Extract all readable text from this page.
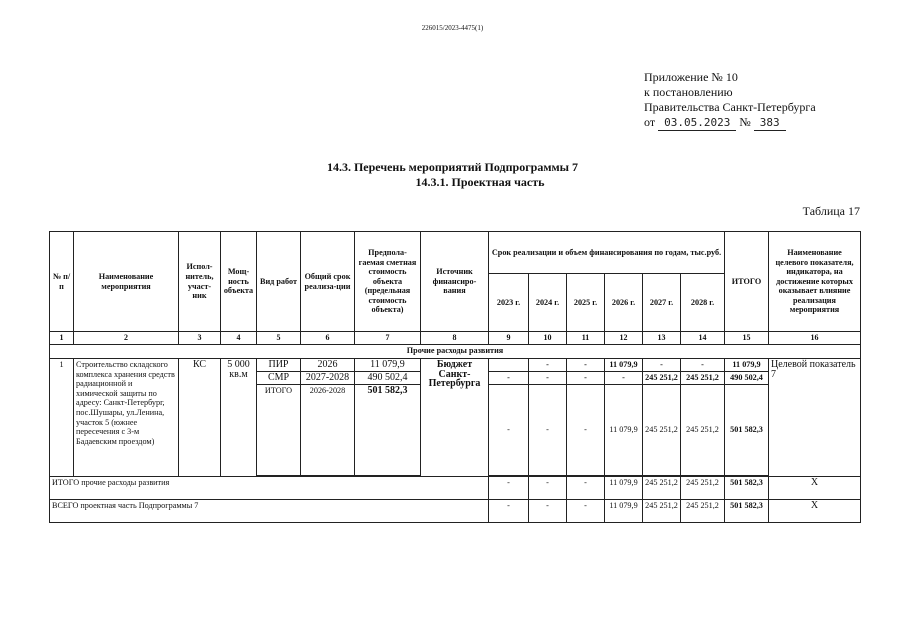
226015/2023-4475(1)
Приложение № 10
к постановлению
Правительства Санкт-Петербурга
от 03.05.2023 № 383
14.3. Перечень мероприятий Подпрограммы 7
14.3.1. Проектная часть
Таблица 17
№ п/п	Наименование мероприятия	Испол-нитель, участ-ник	Мощ-ность объекта	Вид работ	Общий срок реализа-ции	Предпола-гаемая сметная стоимость объекта (предельная стоимость объекта)	Источник финансиро-вания	Срок реализации и объем финансирования по годам, тыс.руб.						ИТОГО	Наименование целевого показателя, индикатора, на достижение которых оказывает влияние реализация мероприятия
								2023 г.	2024 г.	2025 г.	2026 г.	2027 г.	2028 г.		
1	2	3	4	5	6	7	8	9	10	11	12	13	14	15	16
Прочие расходы развития															
1	Строительство складского комплекса хранения средств радиационной и химической защиты по адресу: Санкт-Петербург, пос.Шушары, ул.Ленина, участок 5 (южнее пересечения с 3-м Бадаевским проездом)	КС	5 000 кв.м	ПИР	2026	11 079,9	Бюджет Санкт-Петербурга		-	-	11 079,9	-	-	11 079,9	Целевой показатель 7
				СМР	2027-2028	490 502,4		-	-	-	-	245 251,2	245 251,2	490 502,4	
				ИТОГО	2026-2028	501 582,3		-	-	-	11 079,9	245 251,2	245 251,2	501 582,3	

ИТОГО прочие расходы развития								-	-	-	11 079,9	245 251,2	245 251,2	501 582,3	X
ВСЕГО проектная часть Подпрограммы 7								-	-	-	11 079,9	245 251,2	245 251,2	501 582,3	X
